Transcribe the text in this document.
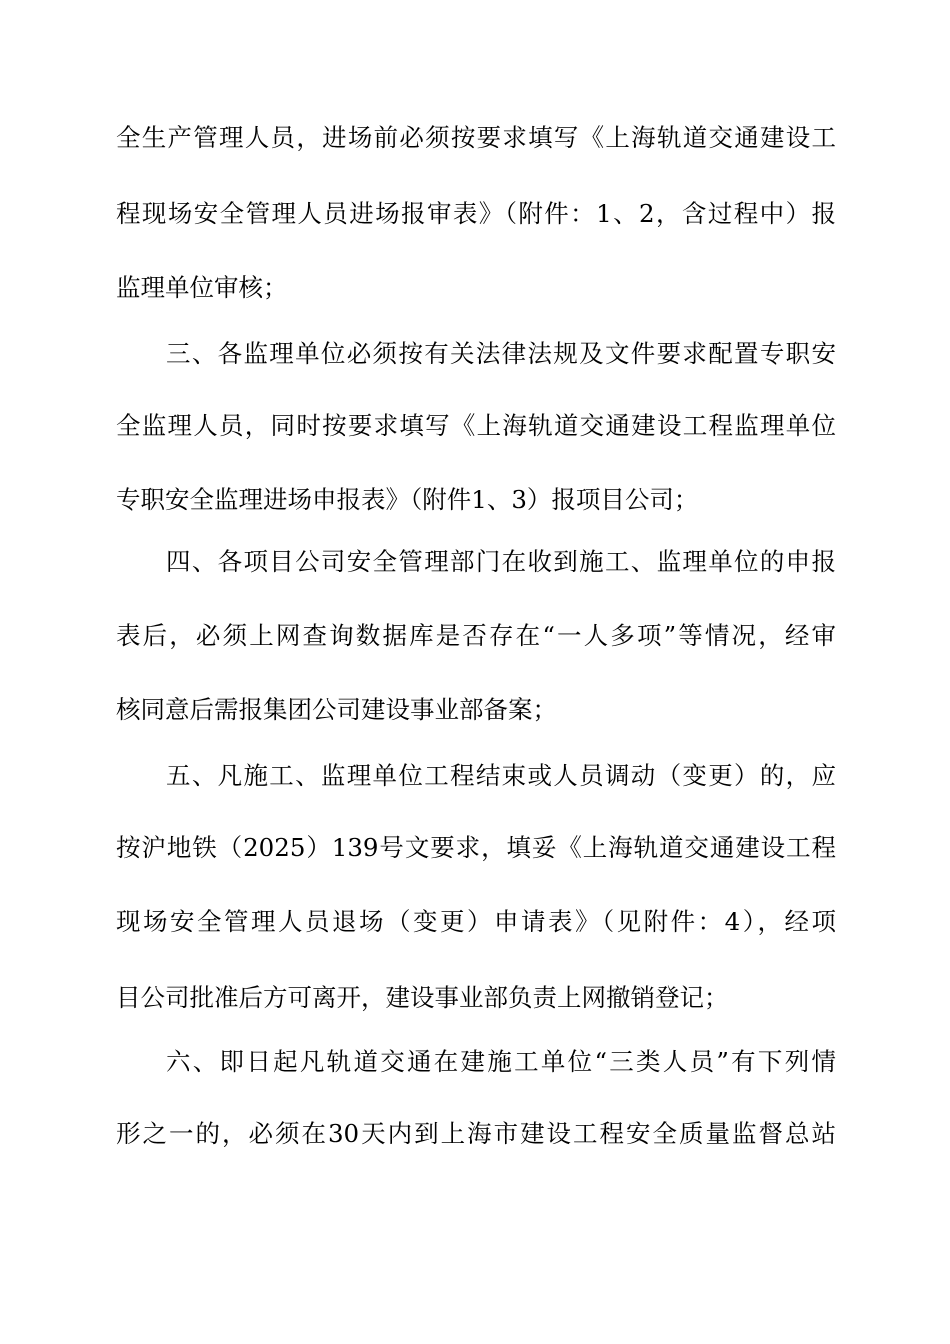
全生产管理人员，进场前必须按要求填写《上海轨道交通建设工
程现场安全管理人员进场报审表》（附件：1、2，含过程中）报
监理单位审核；
三、各监理单位必须按有关法律法规及文件要求配置专职安
全监理人员，同时按要求填写《上海轨道交通建设工程监理单位
专职安全监理进场申报表》（附件1、3）报项目公司；
四、各项目公司安全管理部门在收到施工、监理单位的申报
表后，必须上网查询数据库是否存在“一人多项”等情况，经审
核同意后需报集团公司建设事业部备案；
五、凡施工、监理单位工程结束或人员调动（变更）的，应
按沪地铁（2025）139号文要求，填妥《上海轨道交通建设工程
现场安全管理人员退场（变更）申请表》（见附件：4），经项
目公司批准后方可离开，建设事业部负责上网撤销登记；
六、即日起凡轨道交通在建施工单位“三类人员”有下列情
形之一的，必须在30天内到上海市建设工程安全质量监督总站
